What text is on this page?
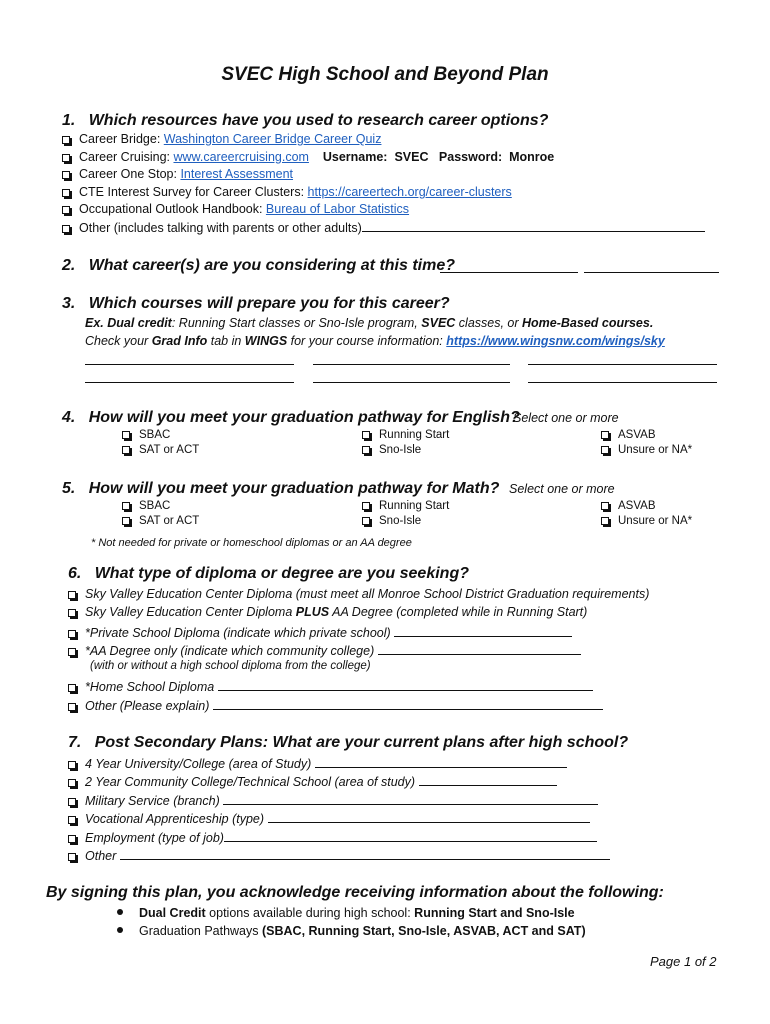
SVEC High School and Beyond Plan
1. Which resources have you used to research career options?
Career Bridge: Washington Career Bridge Career Quiz
Career Cruising: www.careercruising.com Username: SVEC Password: Monroe
Career One Stop: Interest Assessment
CTE Interest Survey for Career Clusters: https://careertech.org/career-clusters
Occupational Outlook Handbook: Bureau of Labor Statistics
Other (includes talking with parents or other adults)
2. What career(s) are you considering at this time?
3. Which courses will prepare you for this career?
Ex. Dual credit: Running Start classes or Sno-Isle program, SVEC classes, or Home-Based courses.
Check your Grad Info tab in WINGS for your course information: https://www.wingsnw.com/wings/sky
4. How will you meet your graduation pathway for English?
Select one or more
SBAC
SAT or ACT
Running Start
Sno-Isle
ASVAB
Unsure or NA*
5. How will you meet your graduation pathway for Math? Select one or more
SBAC
SAT or ACT
Running Start
Sno-Isle
ASVAB
Unsure or NA*
* Not needed for private or homeschool diplomas or an AA degree
6. What type of diploma or degree are you seeking?
Sky Valley Education Center Diploma (must meet all Monroe School District Graduation requirements)
Sky Valley Education Center Diploma PLUS AA Degree (completed while in Running Start)
*Private School Diploma (indicate which private school)
*AA Degree only (indicate which community college)
(with or without a high school diploma from the college)
*Home School Diploma
Other (Please explain)
7. Post Secondary Plans: What are your current plans after high school?
4 Year University/College (area of Study)
2 Year Community College/Technical School (area of study)
Military Service (branch)
Vocational Apprenticeship (type)
Employment (type of job)
Other
By signing this plan, you acknowledge receiving information about the following:
Dual Credit options available during high school: Running Start and Sno-Isle
Graduation Pathways (SBAC, Running Start, Sno-Isle, ASVAB, ACT and SAT)
Page 1 of 2
